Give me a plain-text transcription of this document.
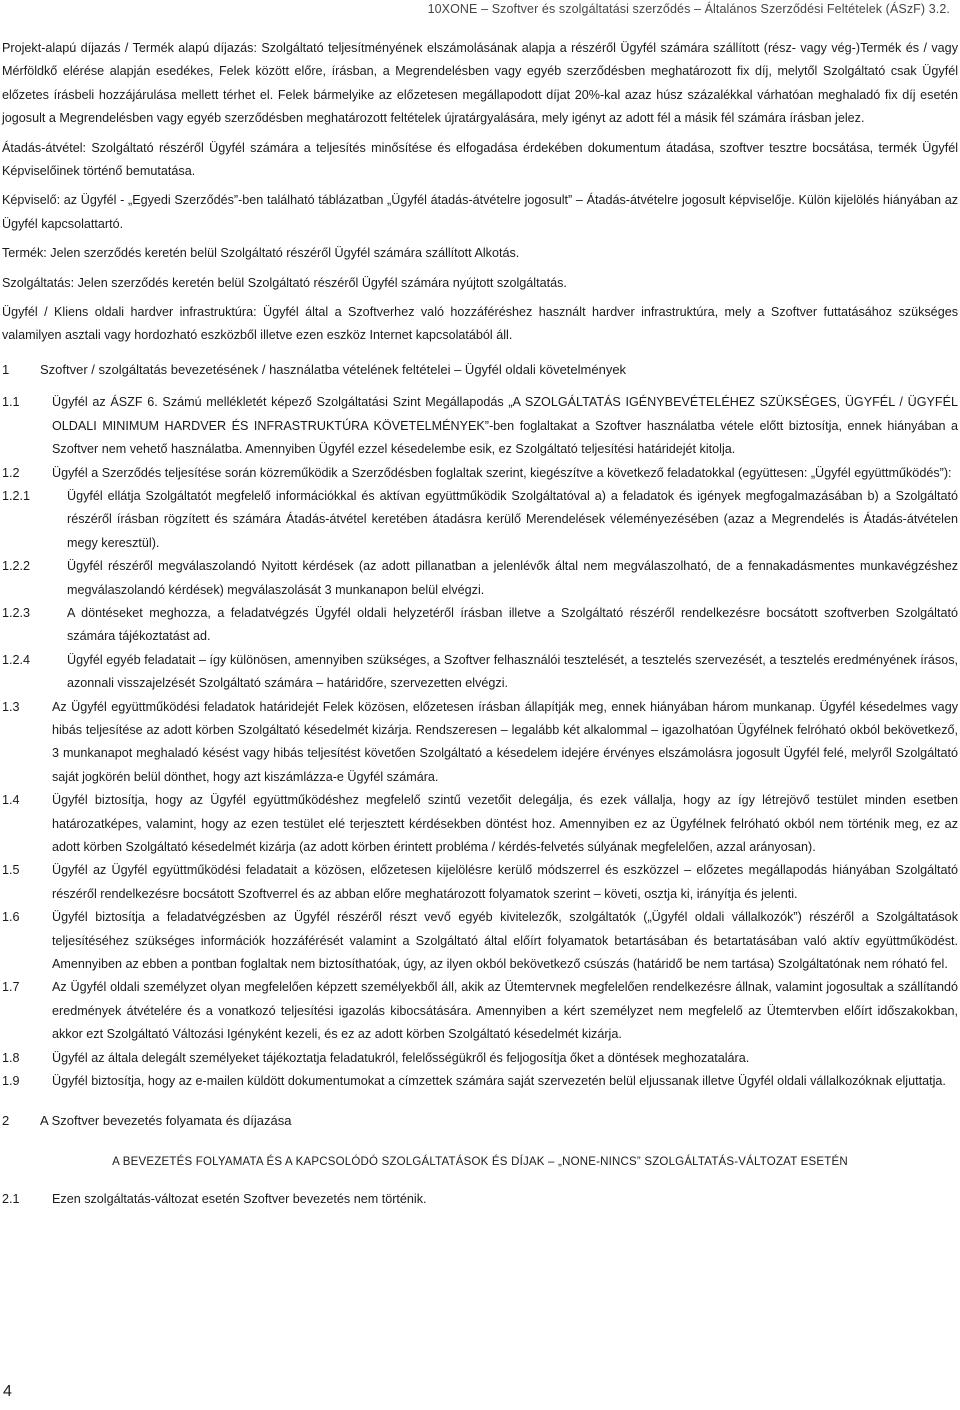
10XONE – Szoftver és szolgáltatási szerződés – Általános Szerződési Feltételek (ÁSzF) 3.2.

Projekt-alapú díjazás / Termék alapú díjazás: Szolgáltató teljesítményének elszámolásának alapja a részéről Ügyfél számára szállított (rész- vagy vég-)Termék és / vagy Mérföldkő elérése alapján esedékes, Felek között előre, írásban, a Megrendelésben vagy egyéb szerződésben meghatározott fix díj, melytől Szolgáltató csak Ügyfél előzetes írásbeli hozzájárulása mellett térhet el. Felek bármelyike az előzetesen megállapodott díjat 20%-kal azaz húsz százalékkal várhatóan meghaladó fix díj esetén jogosult a Megrendelésben vagy egyéb szerződésben meghatározott feltételek újratárgyalására, mely igényt az adott fél a másik fél számára írásban jelez.

Átadás-átvétel: Szolgáltató részéről Ügyfél számára a teljesítés minősítése és elfogadása érdekében dokumentum átadása, szoftver tesztre bocsátása, termék Ügyfél Képviselőinek történő bemutatása.

Képviselő: az Ügyfél - „Egyedi Szerződés”-ben található táblázatban „Ügyfél átadás-átvételre jogosult” – Átadás-átvételre jogosult képviselője. Külön kijelölés hiányában az Ügyfél kapcsolattartó.

Termék: Jelen szerződés keretén belül Szolgáltató részéről Ügyfél számára szállított Alkotás.

Szolgáltatás: Jelen szerződés keretén belül Szolgáltató részéről Ügyfél számára nyújtott szolgáltatás.

Ügyfél / Kliens oldali hardver infrastruktúra: Ügyfél által a Szoftverhez való hozzáféréshez használt hardver infrastruktúra, mely a Szoftver futtatásához szükséges valamilyen asztali vagy hordozható eszközből illetve ezen eszköz Internet kapcsolatából áll.

1	Szoftver / szolgáltatás bevezetésének / használatba vételének feltételei – Ügyfél oldali követelmények
1.1	Ügyfél az ÁSZF 6. Számú mellékletét képező Szolgáltatási Szint Megállapodás „A SZOLGÁLTATÁS IGÉNYBEVÉTELÉHEZ SZÜKSÉGES, ÜGYFÉL / ÜGYFÉL OLDALI MINIMUM HARDVER ÉS INFRASTRUKTÚRA KÖVETELMÉNYEK”-ben foglaltakat a Szoftver használatba vétele előtt biztosítja, ennek hiányában a Szoftver nem vehető használatba. Amennyiben Ügyfél ezzel késedelembe esik, ez Szolgáltató teljesítési határidejét kitolja.
1.2	Ügyfél a Szerződés teljesítése során közreműködik a Szerződésben foglaltak szerint, kiegészítve a következő feladatokkal (együttesen: „Ügyfél együttműködés”):
1.2.1	Ügyfél ellátja Szolgáltatót megfelelő információkkal és aktívan együttműködik Szolgáltatóval a) a feladatok és igények megfogalmazásában b) a Szolgáltató részéről írásban rögzített és számára Átadás-átvétel keretében átadásra kerülő Merendelések véleményezésében (azaz a Megrendelés is Átadás-átvételen megy keresztül).
1.2.2	Ügyfél részéről megválaszolandó Nyitott kérdések (az adott pillanatban a jelenlévők által nem megválaszolható, de a fennakadásmentes munkavégzéshez megválaszolandó kérdések) megválaszolását 3 munkanapon belül elvégzi.
1.2.3	A döntéseket meghozza, a feladatvégzés Ügyfél oldali helyzetéről írásban illetve a Szolgáltató részéről rendelkezésre bocsátott szoftverben Szolgáltató számára tájékoztatást ad.
1.2.4	Ügyfél egyéb feladatait – így különösen, amennyiben szükséges, a Szoftver felhasználói tesztelését, a tesztelés szervezését, a tesztelés eredményének írásos, azonnali visszajelzését Szolgáltató számára – határidőre, szervezetten elvégzi.
1.3	Az Ügyfél együttműködési feladatok határidejét Felek közösen, előzetesen írásban állapítják meg, ennek hiányában három munkanap. Ügyfél késedelmes vagy hibás teljesítése az adott körben Szolgáltató késedelmét kizárja. Rendszeresen – legalább két alkalommal – igazolhatóan Ügyfélnek felróható okból bekövetkező, 3 munkanapot meghaladó késést vagy hibás teljesítést követően Szolgáltató a késedelem idejére érvényes elszámolásra jogosult Ügyfél felé, melyről Szolgáltató saját jogkörén belül dönthet, hogy azt kiszámlázza-e Ügyfél számára.
1.4	Ügyfél biztosítja, hogy az Ügyfél együttműködéshez megfelelő szintű vezetőit delegálja, és ezek vállalja, hogy az így létrejövő testület minden esetben határozatképes, valamint, hogy az ezen testület elé terjesztett kérdésekben döntést hoz. Amennyiben ez az Ügyfélnek felróható okból nem történik meg, ez az adott körben Szolgáltató késedelmét kizárja (az adott körben érintett probléma / kérdés-felvetés súlyának megfelelően, azzal arányosan).
1.5	Ügyfél az Ügyfél együttműködési feladatait a közösen, előzetesen kijelölésre kerülő módszerrel és eszközzel – előzetes megállapodás hiányában Szolgáltató részéről rendelkezésre bocsátott Szoftverrel és az abban előre meghatározott folyamatok szerint – követi, osztja ki, irányítja és jelenti.
1.6	Ügyfél biztosítja a feladatvégzésben az Ügyfél részéről részt vevő egyéb kivitelezők, szolgáltatók („Ügyfél oldali vállalkozók”) részéről a Szolgáltatások teljesítéséhez szükséges információk hozzáférését valamint a Szolgáltató által előírt folyamatok betartásában és betartatásában való aktív együttműködést. Amennyiben az ebben a pontban foglaltak nem biztosíthatóak, úgy, az ilyen okból bekövetkező csúszás (határidő be nem tartása) Szolgáltatónak nem róható fel.
1.7	Az Ügyfél oldali személyzet olyan megfelelően képzett személyekből áll, akik az Ütemtervnek megfelelően rendelkezésre állnak, valamint jogosultak a szállítandó eredmények átvételére és a vonatkozó teljesítési igazolás kibocsátására. Amennyiben a kért személyzet nem megfelelő az Ütemtervben előírt időszakokban, akkor ezt Szolgáltató Változási Igényként kezeli, és ez az adott körben Szolgáltató késedelmét kizárja.
1.8	Ügyfél az általa delegált személyeket tájékoztatja feladatukról, felelősségükről és feljogosítja őket a döntések meghozatalára.
1.9	Ügyfél biztosítja, hogy az e-mailen küldött dokumentumokat a címzettek számára saját szervezetén belül eljussanak illetve Ügyfél oldali vállalkozóknak eljuttatja.
2	A Szoftver bevezetés folyamata és díjazása
A BEVEZETÉS FOLYAMATA ÉS A KAPCSOLÓDÓ SZOLGÁLTATÁSOK ÉS DÍJAK – „NONE-NINCS” SZOLGÁLTATÁS-VÁLTOZAT ESETÉN
2.1	Ezen szolgáltatás-változat esetén Szoftver bevezetés nem történik.
4
